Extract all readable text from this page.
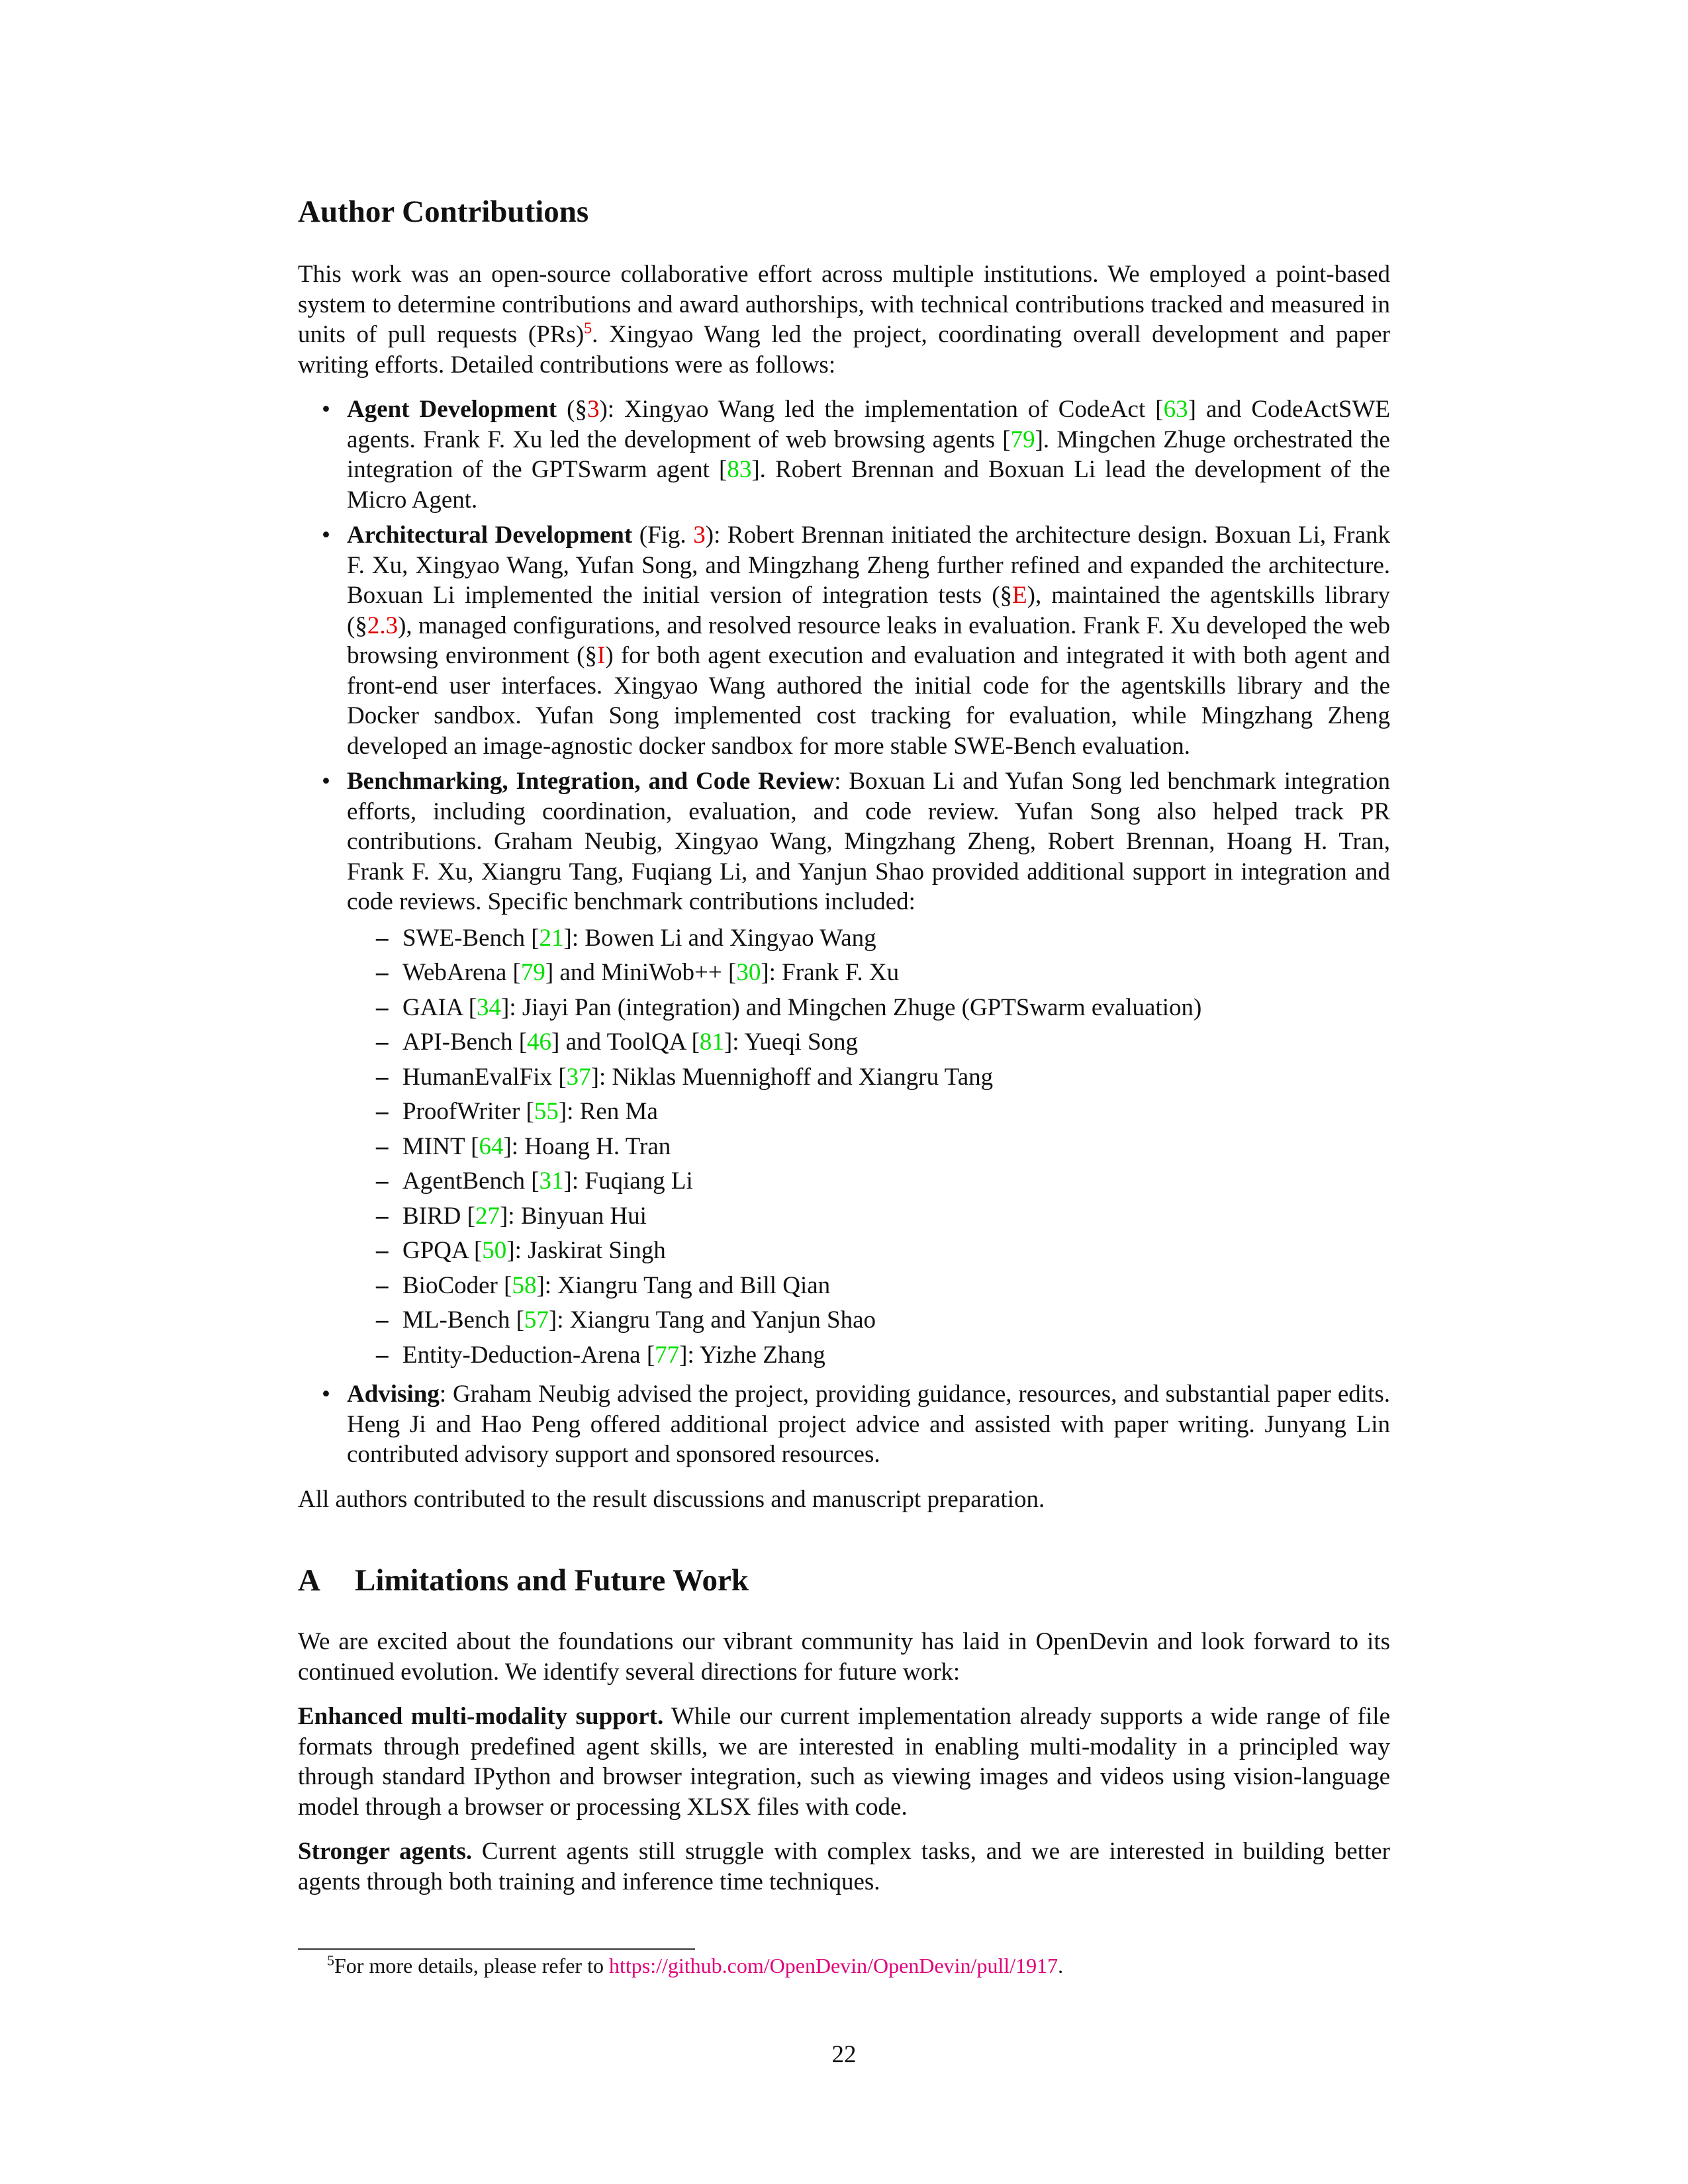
Author Contributions

This work was an open-source collaborative effort across multiple institutions. We employed a point-based system to determine contributions and award authorships, with technical contributions tracked and measured in units of pull requests (PRs)$^5$. Xingyao Wang led the project, coordinating overall development and paper writing efforts. Detailed contributions were as follows:

• Agent Development (§3): Xingyao Wang led the implementation of CodeAct [63] and CodeActSWE agents. Frank F. Xu led the development of web browsing agents [79]. Mingchen Zhuge orchestrated the integration of the GPTSwarm agent [83]. Robert Brennan and Boxuan Li lead the development of the Micro Agent.
• Architectural Development (Fig. 3): Robert Brennan initiated the architecture design. Boxuan Li, Frank F. Xu, Xingyao Wang, Yufan Song, and Mingzhang Zheng further refined and expanded the architecture. Boxuan Li implemented the initial version of integration tests (§E), maintained the agentskills library (§2.3), managed configurations, and resolved resource leaks in evaluation. Frank F. Xu developed the web browsing environment (§I) for both agent execution and evaluation and integrated it with both agent and front-end user interfaces. Xingyao Wang authored the initial code for the agentskills library and the Docker sandbox. Yufan Song implemented cost tracking for evaluation, while Mingzhang Zheng developed an image-agnostic docker sandbox for more stable SWE-Bench evaluation.
• Benchmarking, Integration, and Code Review: Boxuan Li and Yufan Song led benchmark integration efforts, including coordination, evaluation, and code review. Yufan Song also helped track PR contributions. Graham Neubig, Xingyao Wang, Mingzhang Zheng, Robert Brennan, Hoang H. Tran, Frank F. Xu, Xiangru Tang, Fuqiang Li, and Yanjun Shao provided additional support in integration and code reviews. Specific benchmark contributions included:
– SWE-Bench [21]: Bowen Li and Xingyao Wang
– WebArena [79] and MiniWob++ [30]: Frank F. Xu
– GAIA [34]: Jiayi Pan (integration) and Mingchen Zhuge (GPTSwarm evaluation)
– API-Bench [46] and ToolQA [81]: Yueqi Song
– HumanEvalFix [37]: Niklas Muennighoff and Xiangru Tang
– ProofWriter [55]: Ren Ma
– MINT [64]: Hoang H. Tran
– AgentBench [31]: Fuqiang Li
– BIRD [27]: Binyuan Hui
– GPQA [50]: Jaskirat Singh
– BioCoder [58]: Xiangru Tang and Bill Qian
– ML-Bench [57]: Xiangru Tang and Yanjun Shao
– Entity-Deduction-Arena [77]: Yizhe Zhang
• Advising: Graham Neubig advised the project, providing guidance, resources, and substantial paper edits. Heng Ji and Hao Peng offered additional project advice and assisted with paper writing. Junyang Lin contributed advisory support and sponsored resources.

All authors contributed to the result discussions and manuscript preparation.

A Limitations and Future Work

We are excited about the foundations our vibrant community has laid in OpenDevin and look forward to its continued evolution. We identify several directions for future work:

Enhanced multi-modality support. While our current implementation already supports a wide range of file formats through predefined agent skills, we are interested in enabling multi-modality in a principled way through standard IPython and browser integration, such as viewing images and videos using vision-language model through a browser or processing XLSX files with code.

Stronger agents. Current agents still struggle with complex tasks, and we are interested in building better agents through both training and inference time techniques.

$^5$For more details, please refer to https://github.com/OpenDevin/OpenDevin/pull/1917.
22
